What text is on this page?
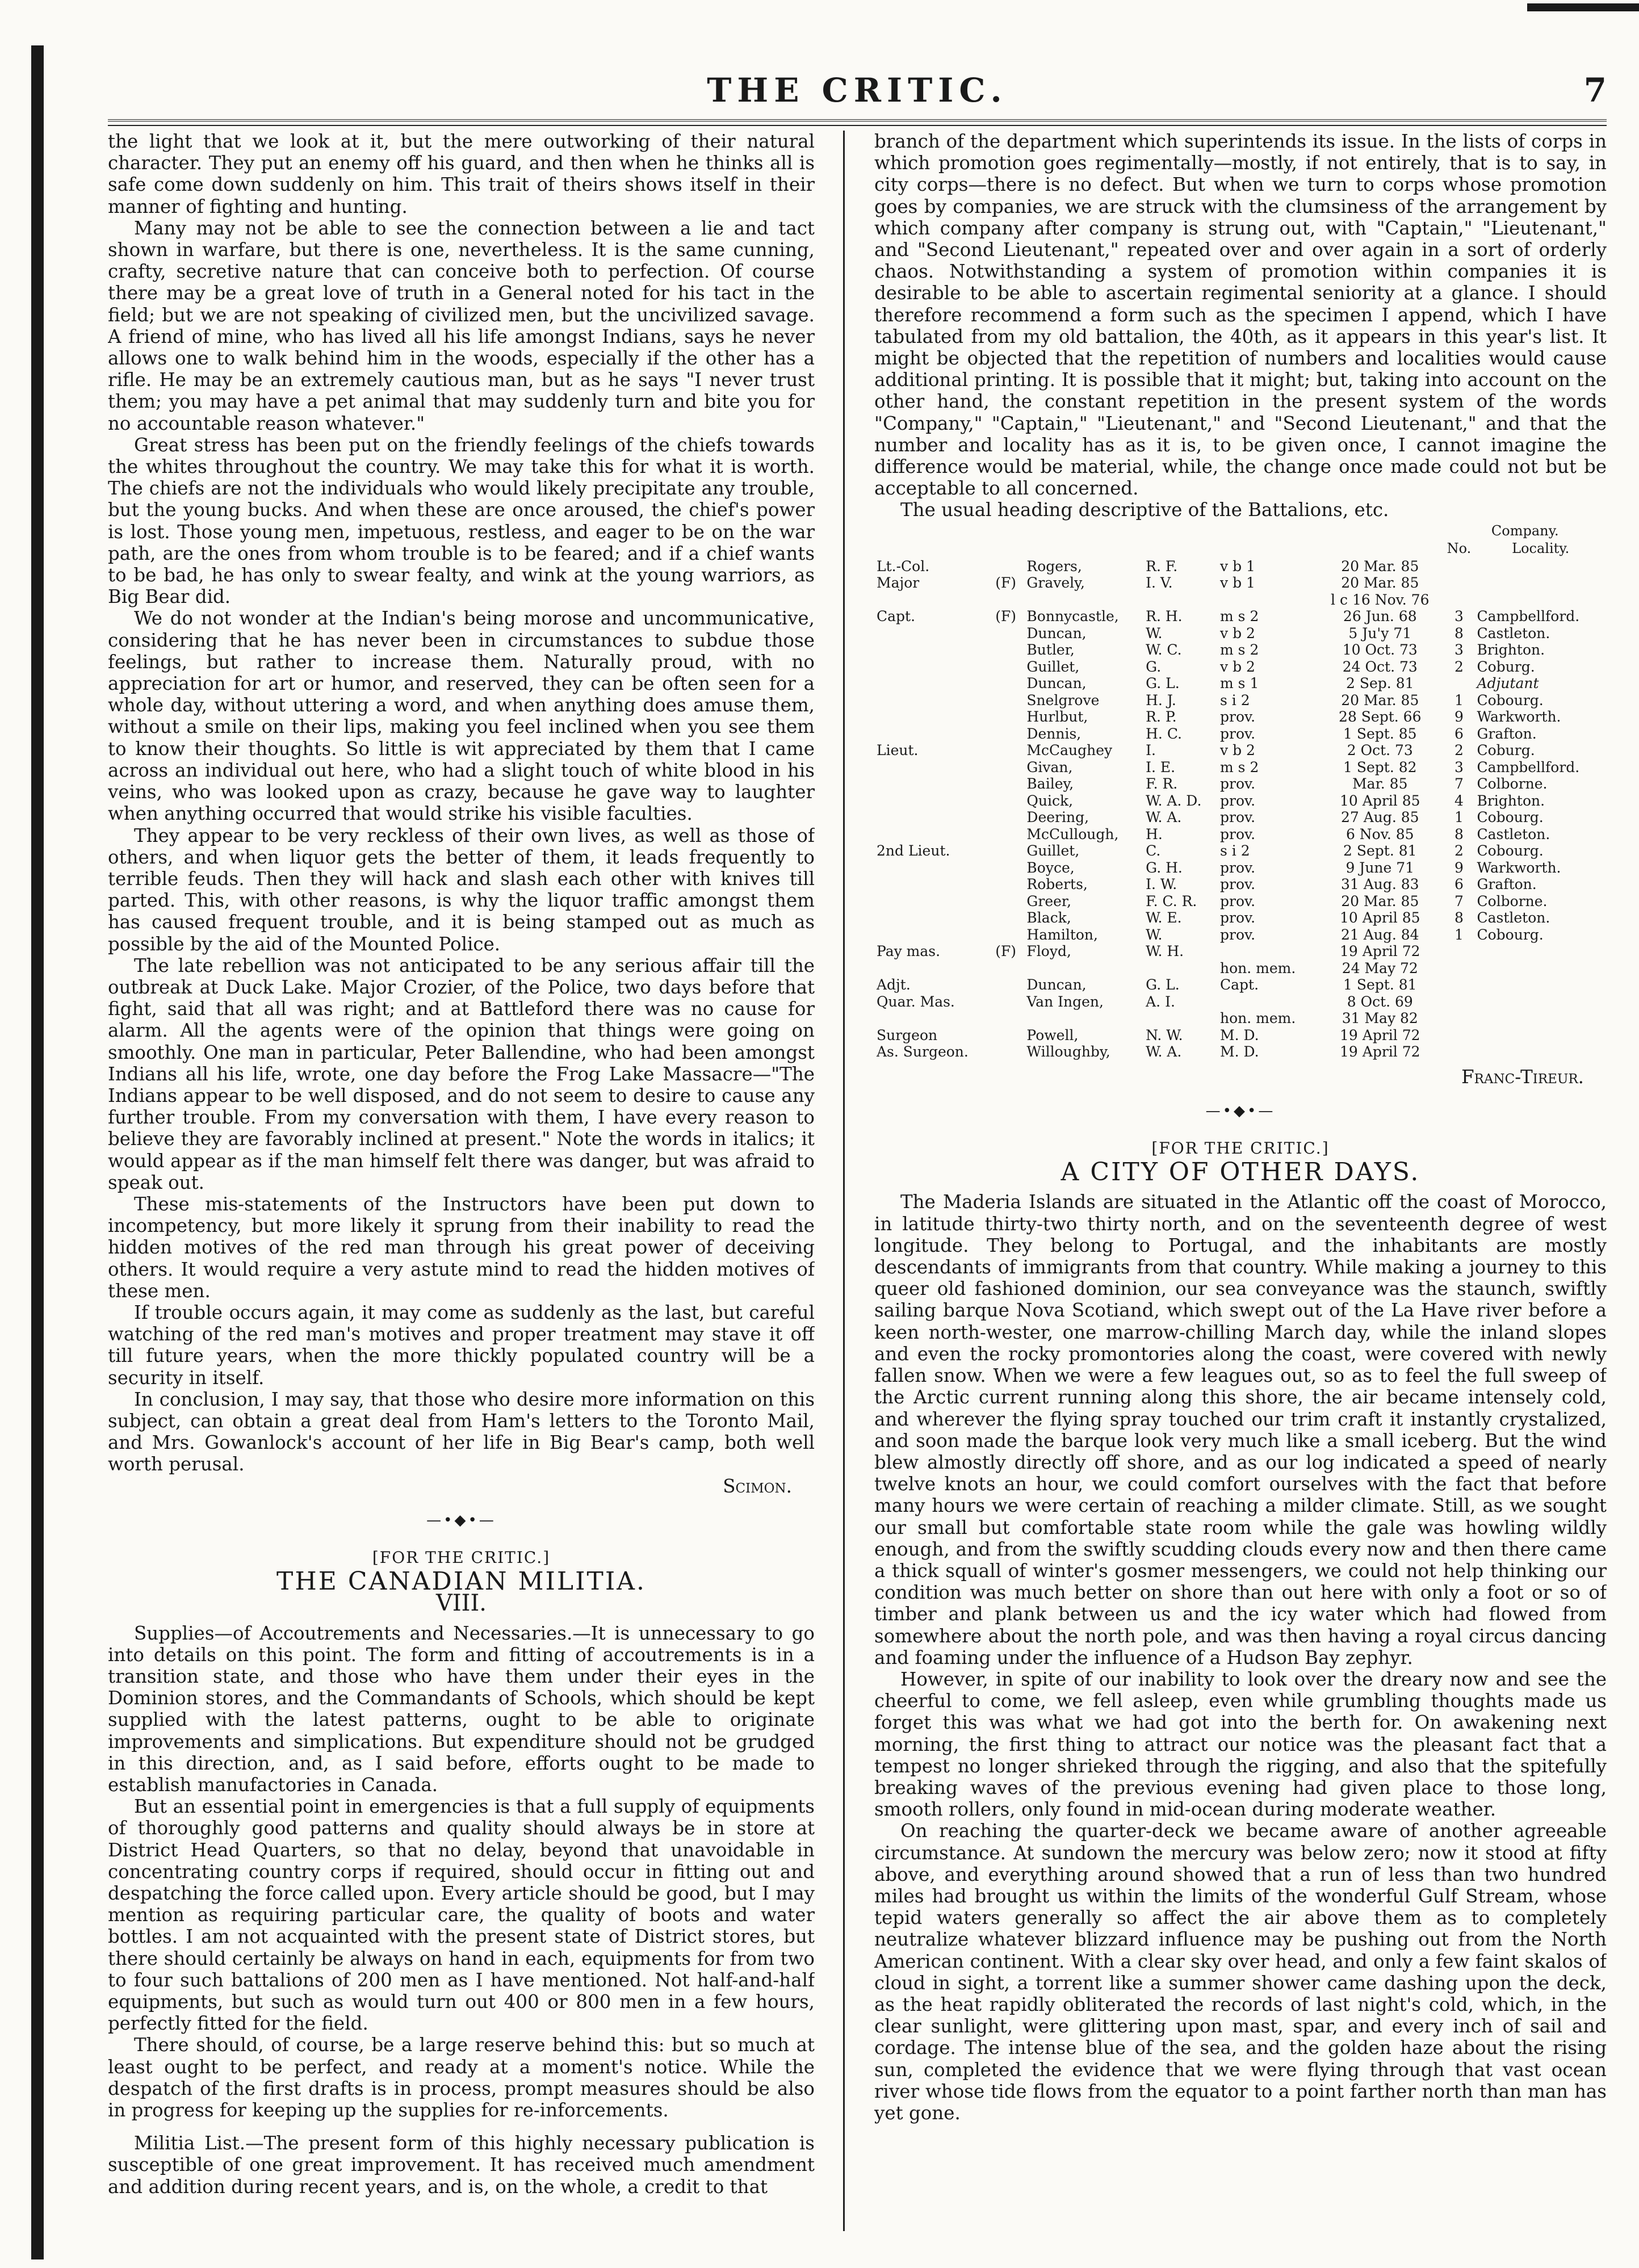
THE CRITIC.	7

the light that we look at it, but the mere outworking of their natural character. They put an enemy off his guard, and then when he thinks all is safe come down suddenly on him. This trait of theirs shows itself in their manner of fighting and hunting.

Many may not be able to see the connection between a lie and tact shown in warfare, but there is one, nevertheless. It is the same cunning, crafty, secretive nature that can conceive both to perfection. Of course there may be a great love of truth in a General noted for his tact in the field; but we are not speaking of civilized men, but the uncivilized savage. A friend of mine, who has lived all his life amongst Indians, says he never allows one to walk behind him in the woods, especially if the other has a rifle. He may be an extremely cautious man, but as he says "I never trust them; you may have a pet animal that may suddenly turn and bite you for no accountable reason whatever."

Great stress has been put on the friendly feelings of the chiefs towards the whites throughout the country. We may take this for what it is worth. The chiefs are not the individuals who would likely precipitate any trouble, but the young bucks. And when these are once aroused, the chief's power is lost. Those young men, impetuous, restless, and eager to be on the war path, are the ones from whom trouble is to be feared; and if a chief wants to be bad, he has only to swear fealty, and wink at the young warriors, as Big Bear did.

We do not wonder at the Indian's being morose and uncommunicative, considering that he has never been in circumstances to subdue those feelings, but rather to increase them. Naturally proud, with no appreciation for art or humor, and reserved, they can be often seen for a whole day, without uttering a word, and when anything does amuse them, without a smile on their lips, making you feel inclined when you see them to know their thoughts. So little is wit appreciated by them that I came across an individual out here, who had a slight touch of white blood in his veins, who was looked upon as crazy, because he gave way to laughter when anything occurred that would strike his visible faculties.

They appear to be very reckless of their own lives, as well as those of others, and when liquor gets the better of them, it leads frequently to terrible feuds. Then they will hack and slash each other with knives till parted. This, with other reasons, is why the liquor traffic amongst them has caused frequent trouble, and it is being stamped out as much as possible by the aid of the Mounted Police.

The late rebellion was not anticipated to be any serious affair till the outbreak at Duck Lake. Major Crozier, of the Police, two days before that fight, said that all was right; and at Battleford there was no cause for alarm. All the agents were of the opinion that things were going on smoothly. One man in particular, Peter Ballendine, who had been amongst Indians all his life, wrote, one day before the Frog Lake Massacre—"The Indians appear to be well disposed, and do not seem to desire to cause any further trouble. From my conversation with them, I have every reason to believe they are favorably inclined at present." Note the words in italics; it would appear as if the man himself felt there was danger, but was afraid to speak out.

These mis-statements of the Instructors have been put down to incompetency, but more likely it sprung from their inability to read the hidden motives of the red man through his great power of deceiving others. It would require a very astute mind to read the hidden motives of these men.

If trouble occurs again, it may come as suddenly as the last, but careful watching of the red man's motives and proper treatment may stave it off till future years, when the more thickly populated country will be a security in itself.

In conclusion, I may say, that those who desire more information on this subject, can obtain a great deal from Ham's letters to the Toronto Mail, and Mrs. Gowanlock's account of her life in Big Bear's camp, both well worth perusal.

Scimon.
—•◆•—
[FOR THE CRITIC.]
THE CANADIAN MILITIA.
VIII.

Supplies—of Accoutrements and Necessaries.—It is unnecessary to go into details on this point. The form and fitting of accoutrements is in a transition state, and those who have them under their eyes in the Dominion stores, and the Commandants of Schools, which should be kept supplied with the latest patterns, ought to be able to originate improvements and simplications. But expenditure should not be grudged in this direction, and, as I said before, efforts ought to be made to establish manufactories in Canada.

But an essential point in emergencies is that a full supply of equipments of thoroughly good patterns and quality should always be in store at District Head Quarters, so that no delay, beyond that unavoidable in concentrating country corps if required, should occur in fitting out and despatching the force called upon. Every article should be good, but I may mention as requiring particular care, the quality of boots and water bottles. I am not acquainted with the present state of District stores, but there should certainly be always on hand in each, equipments for from two to four such battalions of 200 men as I have mentioned. Not half-and-half equipments, but such as would turn out 400 or 800 men in a few hours, perfectly fitted for the field.

There should, of course, be a large reserve behind this: but so much at least ought to be perfect, and ready at a moment's notice. While the despatch of the first drafts is in process, prompt measures should be also in progress for keeping up the supplies for re-inforcements.

Militia List.—The present form of this highly necessary publication is susceptible of one great improvement. It has received much amendment and addition during recent years, and is, on the whole, a credit to that

branch of the department which superintends its issue. In the lists of corps in which promotion goes regimentally—mostly, if not entirely, that is to say, in city corps—there is no defect. But when we turn to corps whose promotion goes by companies, we are struck with the clumsiness of the arrangement by which company after company is strung out, with "Captain," "Lieutenant," and "Second Lieutenant," repeated over and over again in a sort of orderly chaos. Notwithstanding a system of promotion within companies it is desirable to be able to ascertain regimental seniority at a glance. I should therefore recommend a form such as the specimen I append, which I have tabulated from my old battalion, the 40th, as it appears in this year's list. It might be objected that the repetition of numbers and localities would cause additional printing. It is possible that it might; but, taking into account on the other hand, the constant repetition in the present system of the words "Company," "Captain," "Lieutenant," and "Second Lieutenant," and that the number and locality has as it is, to be given once, I cannot imagine the difference would be material, while, the change once made could not but be acceptable to all concerned.

The usual heading descriptive of the Battalions, etc.

						Company.	
						No.	Locality.
Lt.-Col.		Rogers,	R. F.	v b 1	20 Mar. 85		
Major	(F)	Gravely,	I. V.	v b 1	20 Mar. 85		
					l c 16 Nov. 76		
Capt.	(F)	Bonnycastle,	R. H.	m s 2	26 Jun. 68	3	Campbellford.
		Duncan,	W.	v b 2	5 Ju'y 71	8	Castleton.
		Butler,	W. C.	m s 2	10 Oct. 73	3	Brighton.
		Guillet,	G.	v b 2	24 Oct. 73	2	Coburg.
		Duncan,	G. L.	m s 1	2 Sep. 81		Adjutant
		Snelgrove	H. J.	s i 2	20 Mar. 85	1	Cobourg.
		Hurlbut,	R. P.	prov.	28 Sept. 66	9	Warkworth.
		Dennis,	H. C.	prov.	1 Sept. 85	6	Grafton.
Lieut.		McCaughey	I.	v b 2	2 Oct. 73	2	Coburg.
		Givan,	I. E.	m s 2	1 Sept. 82	3	Campbellford.
		Bailey,	F. R.	prov.	Mar. 85	7	Colborne.
		Quick,	W. A. D.	prov.	10 April 85	4	Brighton.
		Deering,	W. A.	prov.	27 Aug. 85	1	Cobourg.
		McCullough,	H.	prov.	6 Nov. 85	8	Castleton.
2nd Lieut.		Guillet,	C.	s i 2	2 Sept. 81	2	Cobourg.
		Boyce,	G. H.	prov.	9 June 71	9	Warkworth.
		Roberts,	I. W.	prov.	31 Aug. 83	6	Grafton.
		Greer,	F. C. R.	prov.	20 Mar. 85	7	Colborne.
		Black,	W. E.	prov.	10 April 85	8	Castleton.
		Hamilton,	W.	prov.	21 Aug. 84	1	Cobourg.
Pay mas.	(F)	Floyd,	W. H.		19 April 72		
				hon. mem.	24 May 72		
Adjt.		Duncan,	G. L.	Capt.	1 Sept. 81		
Quar. Mas.		Van Ingen,	A. I.		8 Oct. 69		
				hon. mem.	31 May 82		
Surgeon		Powell,	N. W.	M. D.	19 April 72		
As. Surgeon.		Willoughby,	W. A.	M. D.	19 April 72		
Franc-Tireur.
—•◆•—
[FOR THE CRITIC.]
A CITY OF OTHER DAYS.

The Maderia Islands are situated in the Atlantic off the coast of Morocco, in latitude thirty-two thirty north, and on the seventeenth degree of west longitude. They belong to Portugal, and the inhabitants are mostly descendants of immigrants from that country. While making a journey to this queer old fashioned dominion, our sea conveyance was the staunch, swiftly sailing barque Nova Scotiand, which swept out of the La Have river before a keen north-wester, one marrow-chilling March day, while the inland slopes and even the rocky promontories along the coast, were covered with newly fallen snow. When we were a few leagues out, so as to feel the full sweep of the Arctic current running along this shore, the air became intensely cold, and wherever the flying spray touched our trim craft it instantly crystalized, and soon made the barque look very much like a small iceberg. But the wind blew almostly directly off shore, and as our log indicated a speed of nearly twelve knots an hour, we could comfort ourselves with the fact that before many hours we were certain of reaching a milder climate. Still, as we sought our small but comfortable state room while the gale was howling wildly enough, and from the swiftly scudding clouds every now and then there came a thick squall of winter's gosmer messengers, we could not help thinking our condition was much better on shore than out here with only a foot or so of timber and plank between us and the icy water which had flowed from somewhere about the north pole, and was then having a royal circus dancing and foaming under the influence of a Hudson Bay zephyr.

However, in spite of our inability to look over the dreary now and see the cheerful to come, we fell asleep, even while grumbling thoughts made us forget this was what we had got into the berth for. On awakening next morning, the first thing to attract our notice was the pleasant fact that a tempest no longer shrieked through the rigging, and also that the spitefully breaking waves of the previous evening had given place to those long, smooth rollers, only found in mid-ocean during moderate weather.

On reaching the quarter-deck we became aware of another agreeable circumstance. At sundown the mercury was below zero; now it stood at fifty above, and everything around showed that a run of less than two hundred miles had brought us within the limits of the wonderful Gulf Stream, whose tepid waters generally so affect the air above them as to completely neutralize whatever blizzard influence may be pushing out from the North American continent. With a clear sky over head, and only a few faint skalos of cloud in sight, a torrent like a summer shower came dashing upon the deck, as the heat rapidly obliterated the records of last night's cold, which, in the clear sunlight, were glittering upon mast, spar, and every inch of sail and cordage. The intense blue of the sea, and the golden haze about the rising sun, completed the evidence that we were flying through that vast ocean river whose tide flows from the equator to a point farther north than man has yet gone.
